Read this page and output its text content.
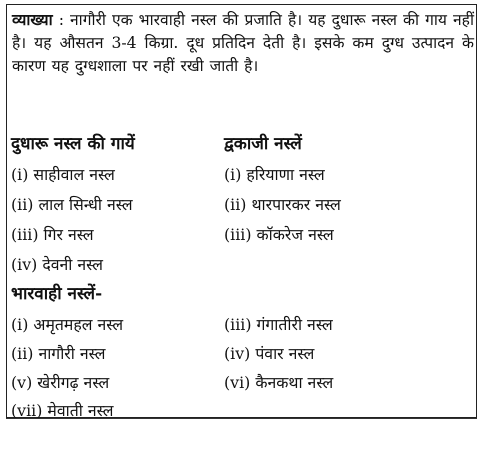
व्याख्या : नागौरी एक भारवाही नस्ल की प्रजाति है। यह दुधारू नस्ल की गाय नहीं है। यह औसतन 3-4 किग्रा. दूध प्रतिदिन देती है। इसके कम दुग्ध उत्पादन के कारण यह दुग्धशाला पर नहीं रखी जाती है।

दुधारू नस्ल की गायें	द्वकाजी नस्लें
(i) साहीवाल नस्ल
(ii) लाल सिन्धी नस्ल
(iii) गिर नस्ल
(iv) देवनी नस्ल
(i) हरियाणा नस्ल
(ii) थारपारकर नस्ल
(iii) कॉकरेज नस्ल
भारवाही नस्लें-
(i) अमृतमहल नस्ल
(ii) नागौरी नस्ल
(v) खेरीगढ़ नस्ल
(vii) मेवाती नस्ल
(iii) गंगातीरी नस्ल
(iv) पंवार नस्ल
(vi) कैनकथा नस्ल
